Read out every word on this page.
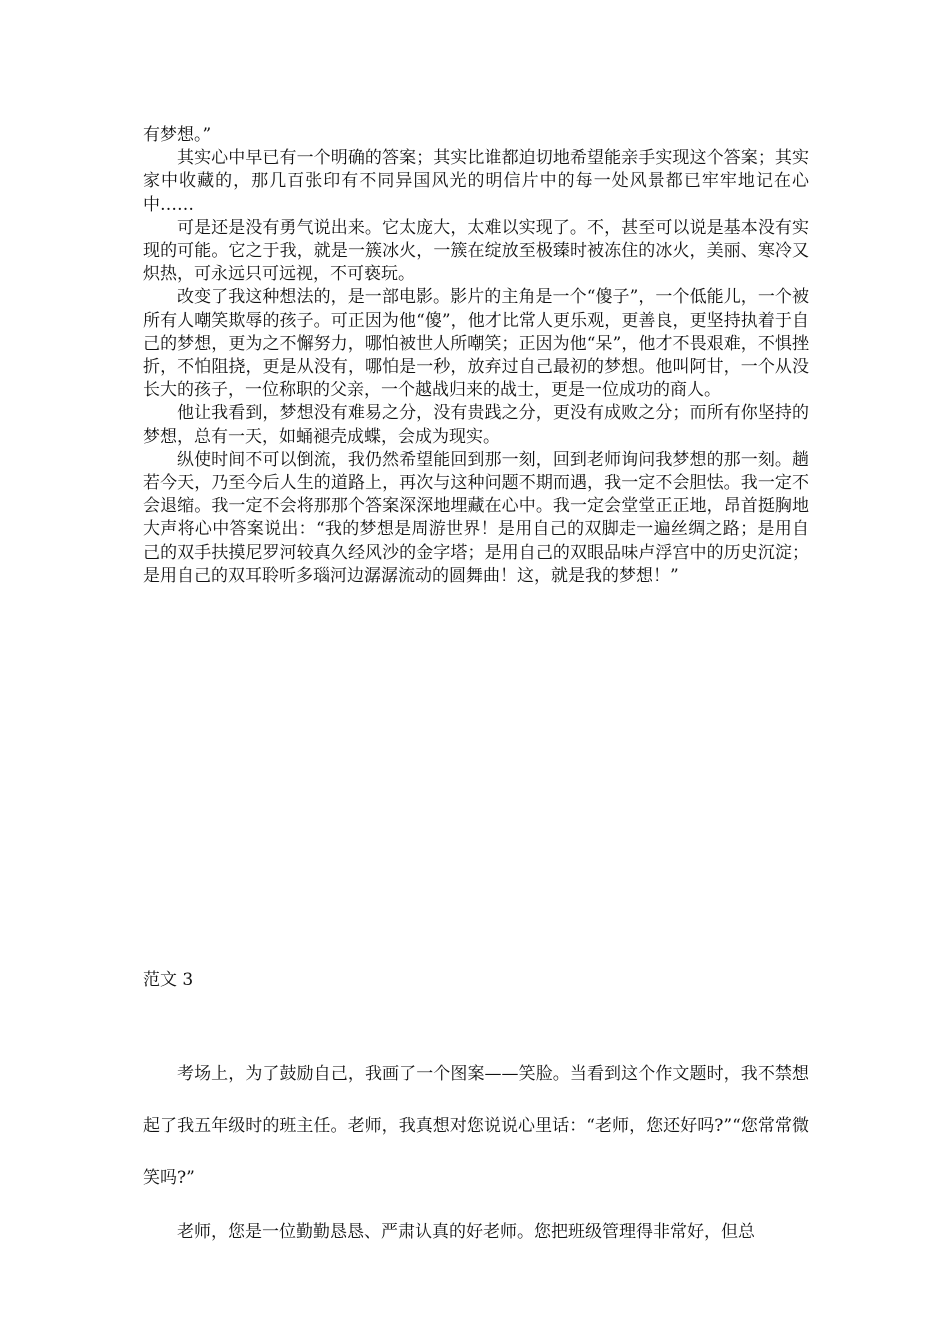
有梦想。”

其实心中早已有一个明确的答案；其实比谁都迫切地希望能亲手实现这个答案；其实家中收藏的，那几百张印有不同异国风光的明信片中的每一处风景都已牢牢地记在心中……

可是还是没有勇气说出来。它太庞大，太难以实现了。不，甚至可以说是基本没有实现的可能。它之于我，就是一簇冰火，一簇在绽放至极臻时被冻住的冰火，美丽、寒冷又炽热，可永远只可远视，不可亵玩。

改变了我这种想法的，是一部电影。影片的主角是一个“傻子”，一个低能儿，一个被所有人嘲笑欺辱的孩子。可正因为他“傻”，他才比常人更乐观，更善良，更坚持执着于自己的梦想，更为之不懈努力，哪怕被世人所嘲笑；正因为他“呆”，他才不畏艰难，不惧挫折，不怕阻挠，更是从没有，哪怕是一秒，放弃过自己最初的梦想。他叫阿甘，一个从没长大的孩子，一位称职的父亲，一个越战归来的战士，更是一位成功的商人。

他让我看到，梦想没有难易之分，没有贵践之分，更没有成败之分；而所有你坚持的梦想，总有一天，如蛹褪壳成蝶，会成为现实。

纵使时间不可以倒流，我仍然希望能回到那一刻，回到老师询问我梦想的那一刻。趟若今天，乃至今后人生的道路上，再次与这种问题不期而遇，我一定不会胆怯。我一定不会退缩。我一定不会将那那个答案深深地埋藏在心中。我一定会堂堂正正地，昂首挺胸地大声将心中答案说出：“我的梦想是周游世界！是用自己的双脚走一遍丝绸之路；是用自己的双手扶摸尼罗河较真久经风沙的金字塔；是用自己的双眼品味卢浮宫中的历史沉淀；是用自己的双耳聆听多瑙河边潺潺流动的圆舞曲！这，就是我的梦想！”

范文 3

考场上，为了鼓励自己，我画了一个图案——笑脸。当看到这个作文题时，我不禁想起了我五年级时的班主任。老师，我真想对您说说心里话：“老师，您还好吗?”“您常常微笑吗?”

老师，您是一位勤勤恳恳、严肃认真的好老师。您把班级管理得非常好，但总
